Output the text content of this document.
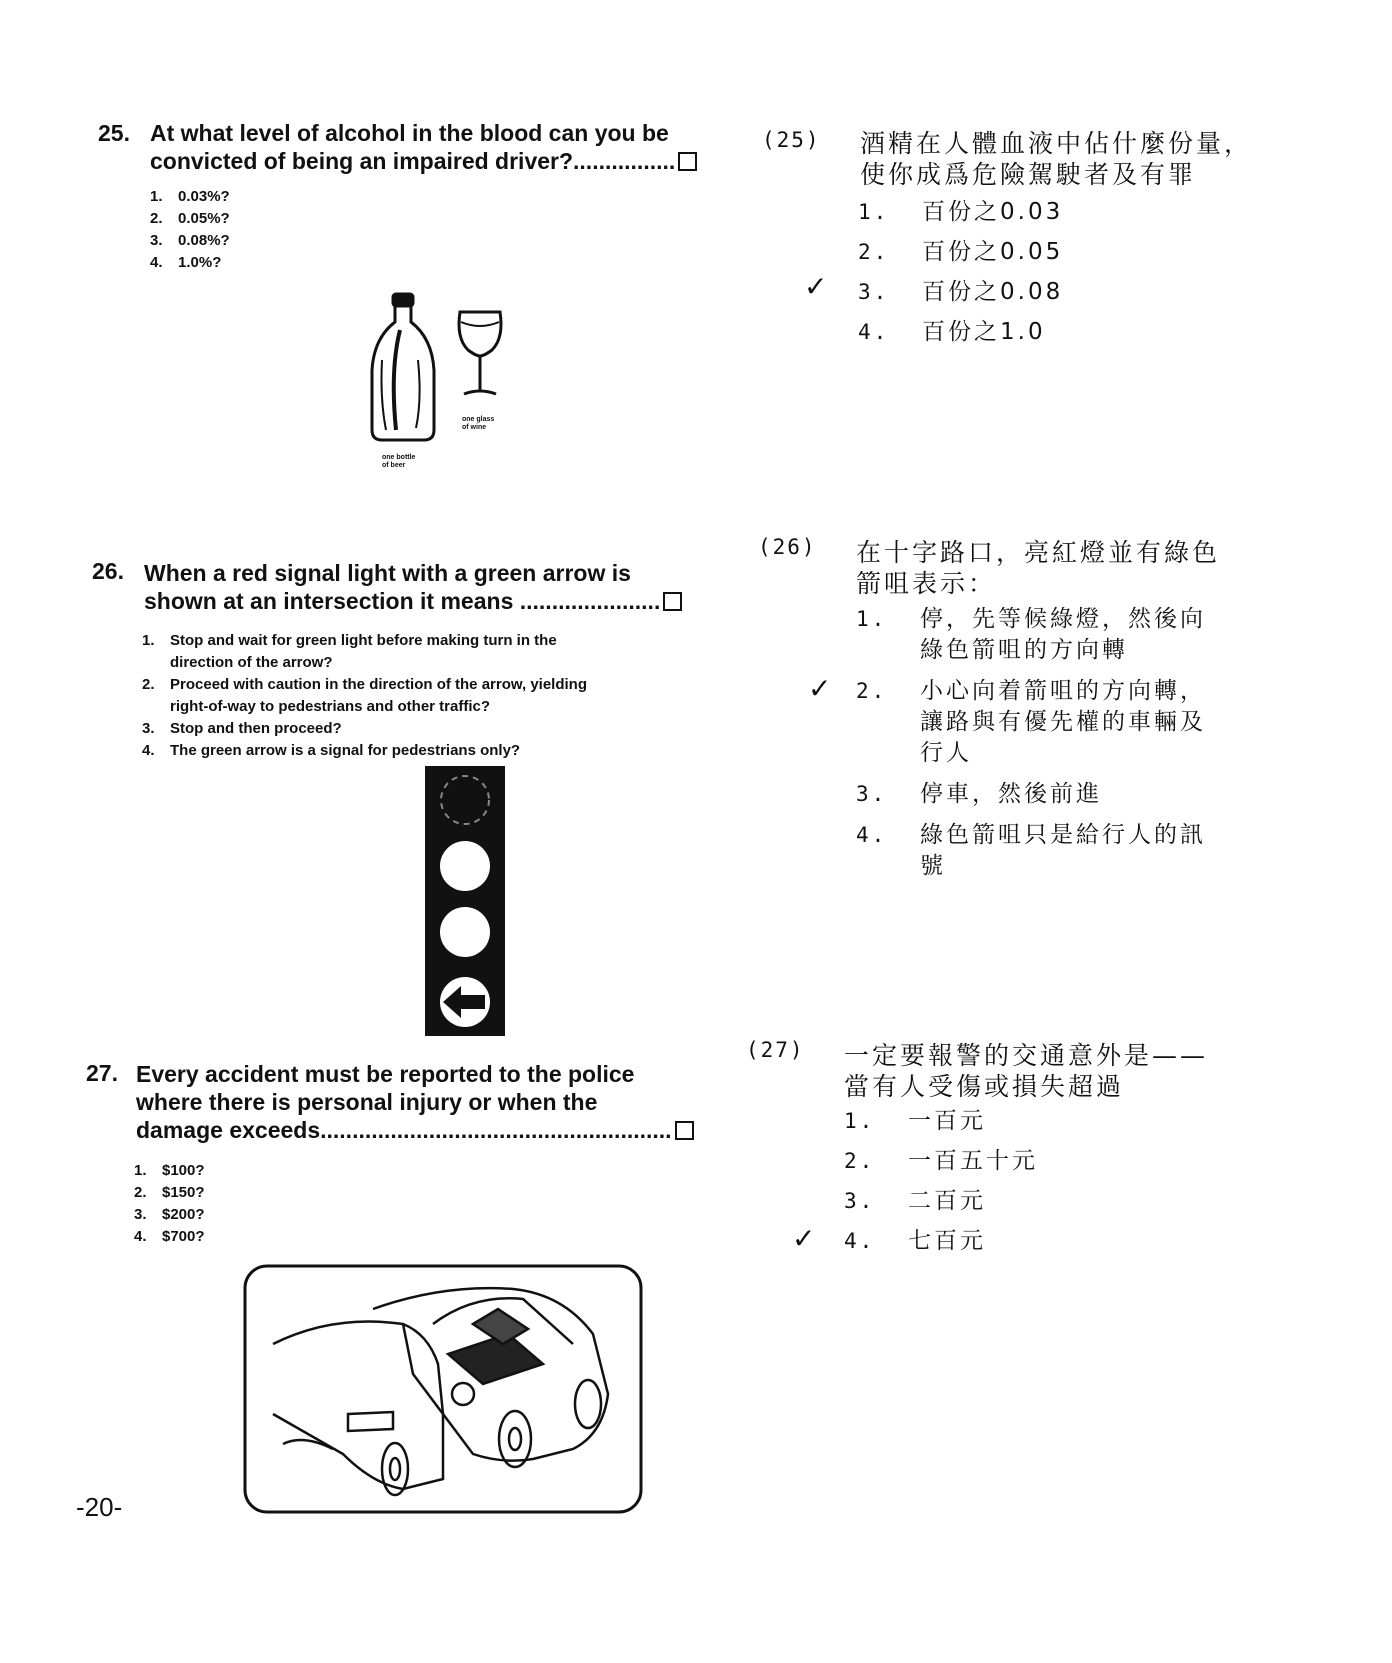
25. At what level of alcohol in the blood can you be
convicted of being an impaired driver?................
1. 0.03%?
2. 0.05%?
3. 0.08%?
4. 1.0%?
one glass
of wine
one bottle
of beer
(25) 酒精在人體血液中佔什麼份量，
使你成爲危險駕駛者及有罪
1. 百份之0.03
2. 百份之0.05
3. 百份之0.08
4. 百份之1.0
✓
26. When a red signal light with a green arrow is
shown at an intersection it means ......................
1.	Stop and wait for green light before making turn in the
direction of the arrow?
2.	Proceed with caution in the direction of the arrow, yielding
right-of-way to pedestrians and other traffic?
3.	Stop and then proceed?
4.	The green arrow is a signal for pedestrians only?
(26) 在十字路口，亮紅燈並有綠色
箭咀表示：
1.	停，先等候綠燈，然後向
綠色箭咀的方向轉
2.	小心向着箭咀的方向轉，
讓路與有優先權的車輛及
行人
3.	停車，然後前進
4.	綠色箭咀只是給行人的訊
號
✓
27. Every accident must be reported to the police
where there is personal injury or when the
damage exceeds.......................................................
1. $100?
2. $150?
3. $200?
4. $700?
(27) 一定要報警的交通意外是——
當有人受傷或損失超過
1. 一百元
2. 一百五十元
3. 二百元
4. 七百元
✓
-20-
